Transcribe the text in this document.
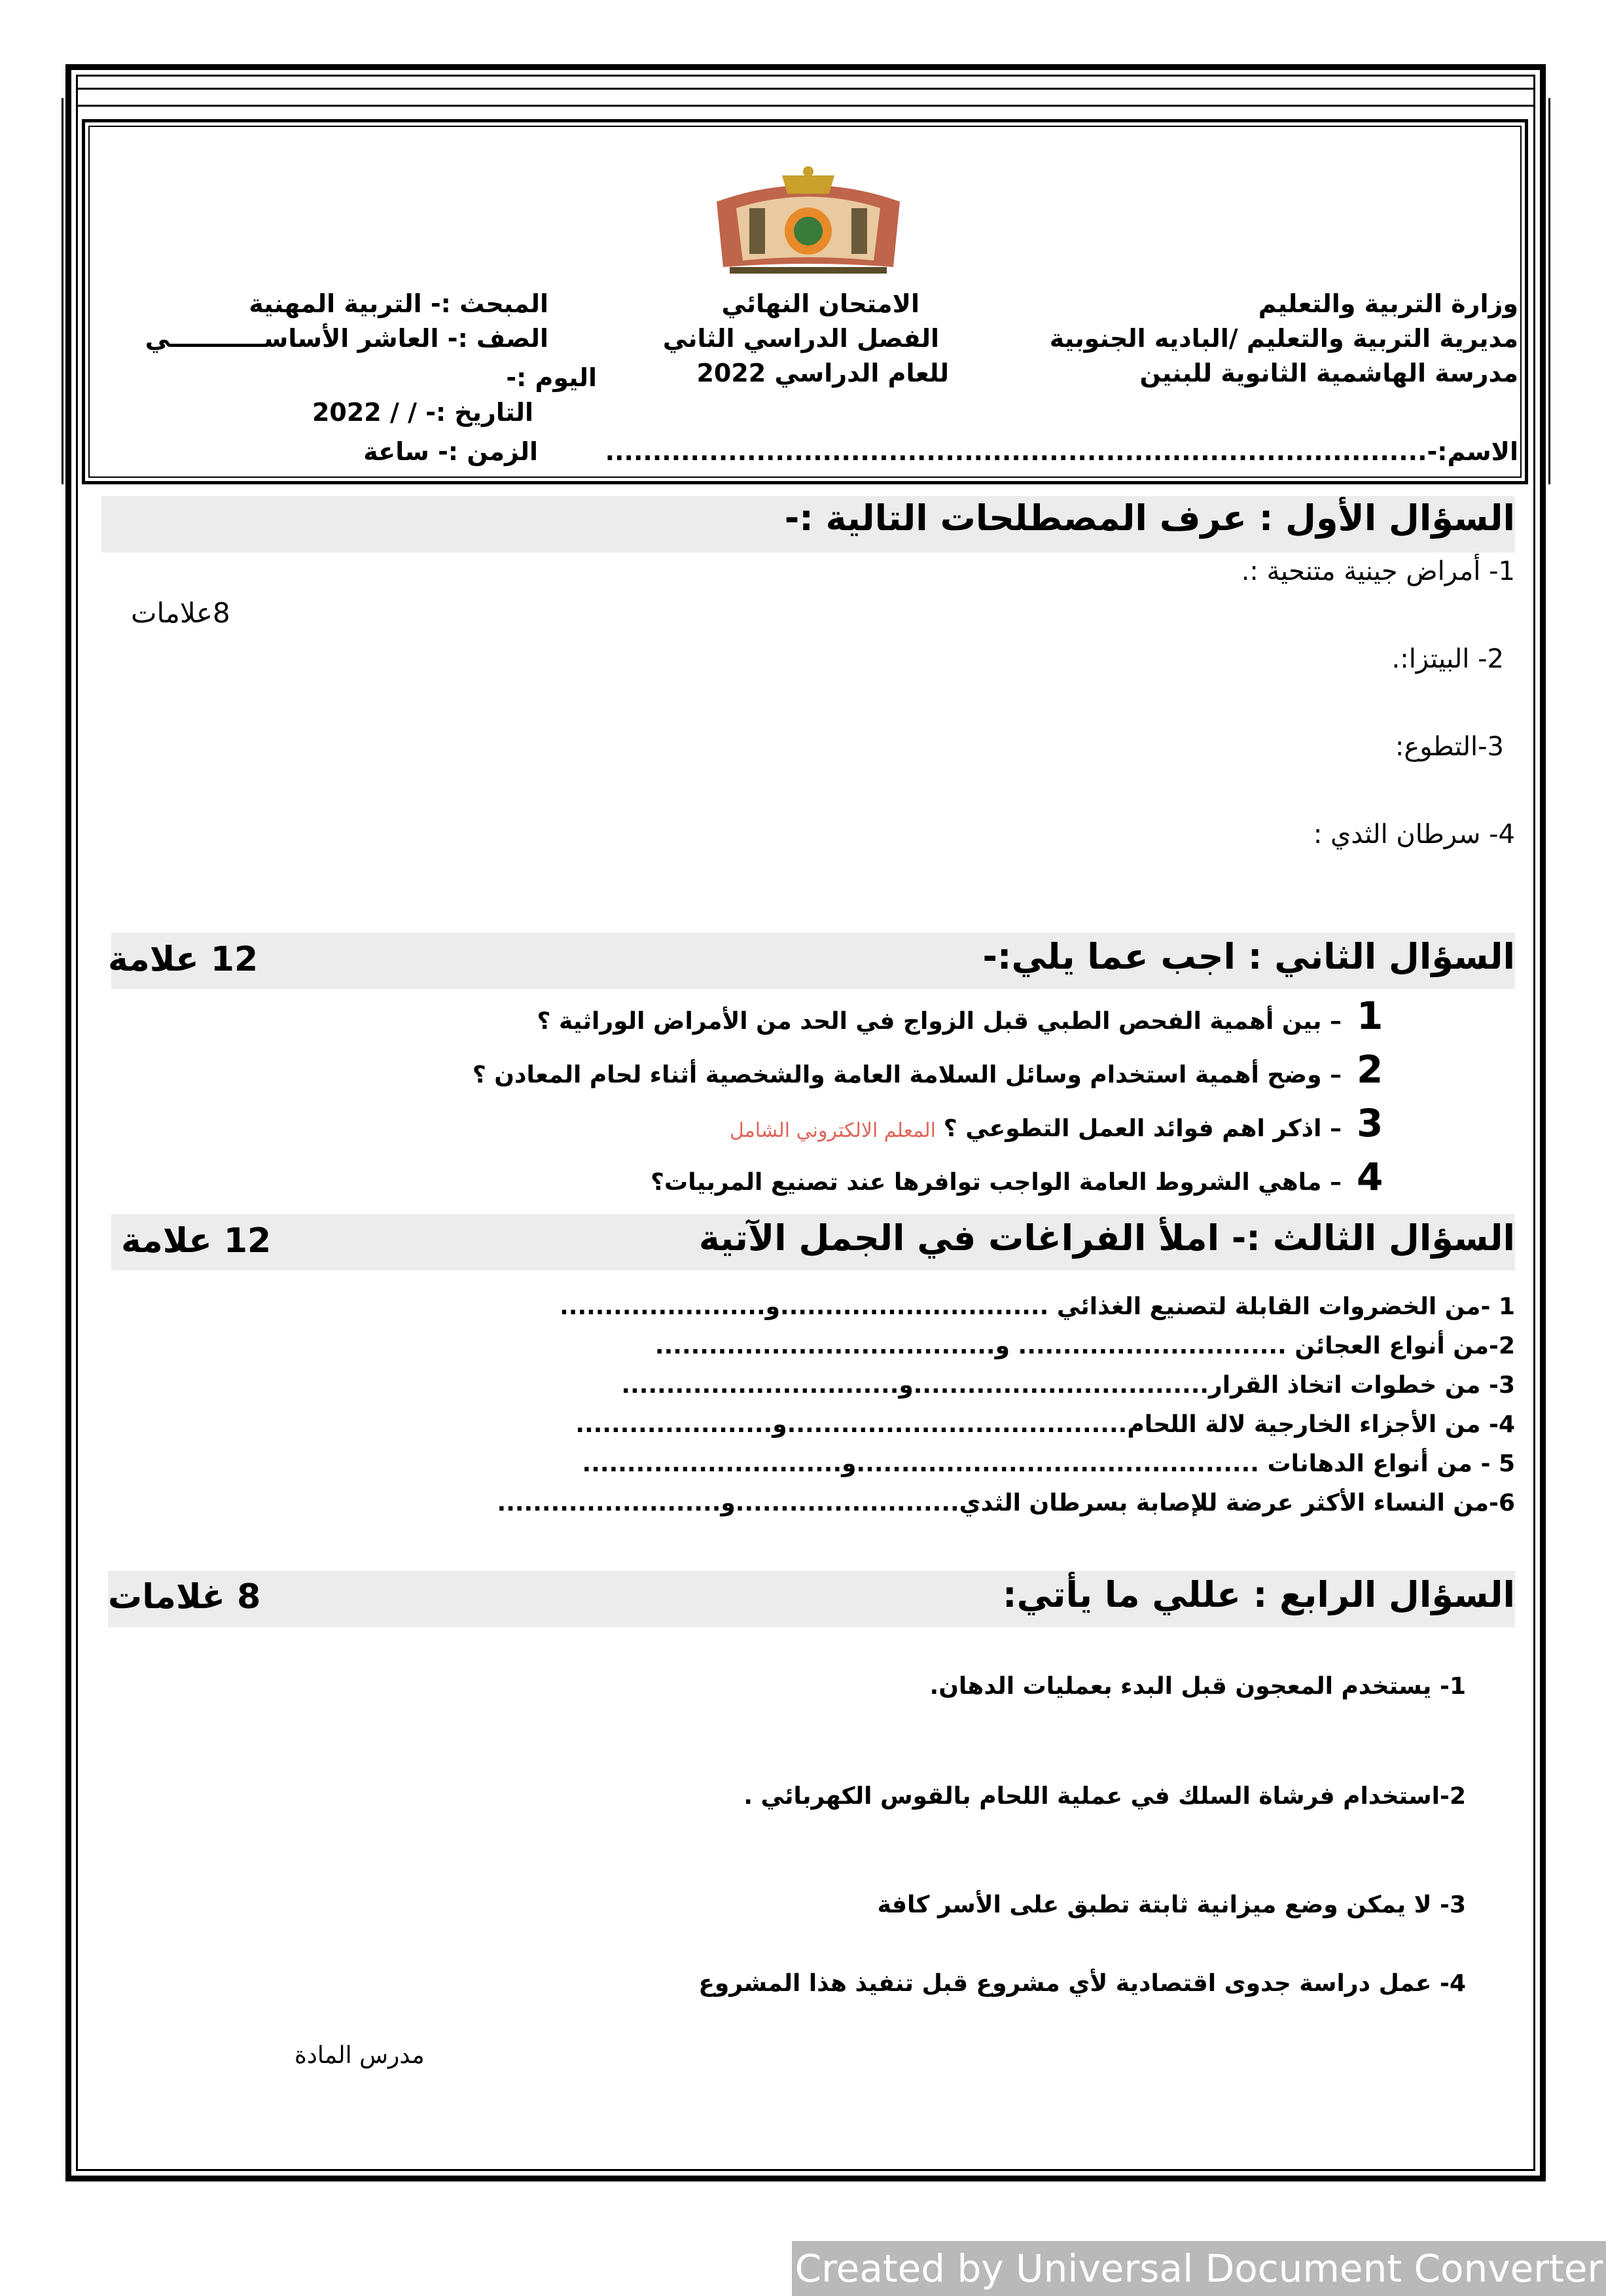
وزارة التربية والتعليم
مديرية التربية والتعليم /الباديه الجنوبية
مدرسة الهاشمية الثانوية للبنين
الاسم:-.......................................................................................
الامتحان النهائي
الفصل الدراسي الثاني
للعام الدراسي 2022
المبحث :- التربية المهنية
الصف :- العاشر الأساســـــــــــي
اليوم :-
التاريخ :- / / 2022
الزمن :- ساعة
السؤال الأول : عرف المصطلحات التالية :-
8علامات
1- أمراض جينية متنحية :.
2- البيتزا:.
3-التطوع:
4- سرطان الثدي :
السؤال الثاني : اجب عما يلي:-
12 علامة
1
– بين أهمية الفحص الطبي قبل الزواج في الحد من الأمراض الوراثية ؟
2
– وضح أهمية استخدام وسائل السلامة العامة والشخصية أثناء لحام المعادن ؟
3
– اذكر اهم فوائد العمل التطوعي ؟
المعلم الالكتروني الشامل
4
– ماهي الشروط العامة الواجب توافرها عند تصنيع المربيات؟
السؤال الثالث :- املأ الفراغات في الجمل الآتية
12 علامة
1 -من الخضروات القابلة لتصنيع الغذائي ..............................و.......................
2-من أنواع العجائن .............................. و......................................
3- من خطوات اتخاذ القرار.................................و...............................
4- من الأجزاء الخارجية لالة اللحام......................................و......................
5 - من أنواع الدهانات .............................................و.............................
6-من النساء الأكثر عرضة للإصابة بسرطان الثدي.........................و.........................
السؤال الرابع : عللي ما يأتي:
8 غلامات
1- يستخدم المعجون قبل البدء بعمليات الدهان.
2-استخدام فرشاة السلك في عملية اللحام بالقوس الكهربائي .
3- لا يمكن وضع ميزانية ثابتة تطبق على الأسر كافة
4- عمل دراسة جدوى اقتصادية لأي مشروع قبل تنفيذ هذا المشروع
مدرس المادة
Created by Universal Document Converter
